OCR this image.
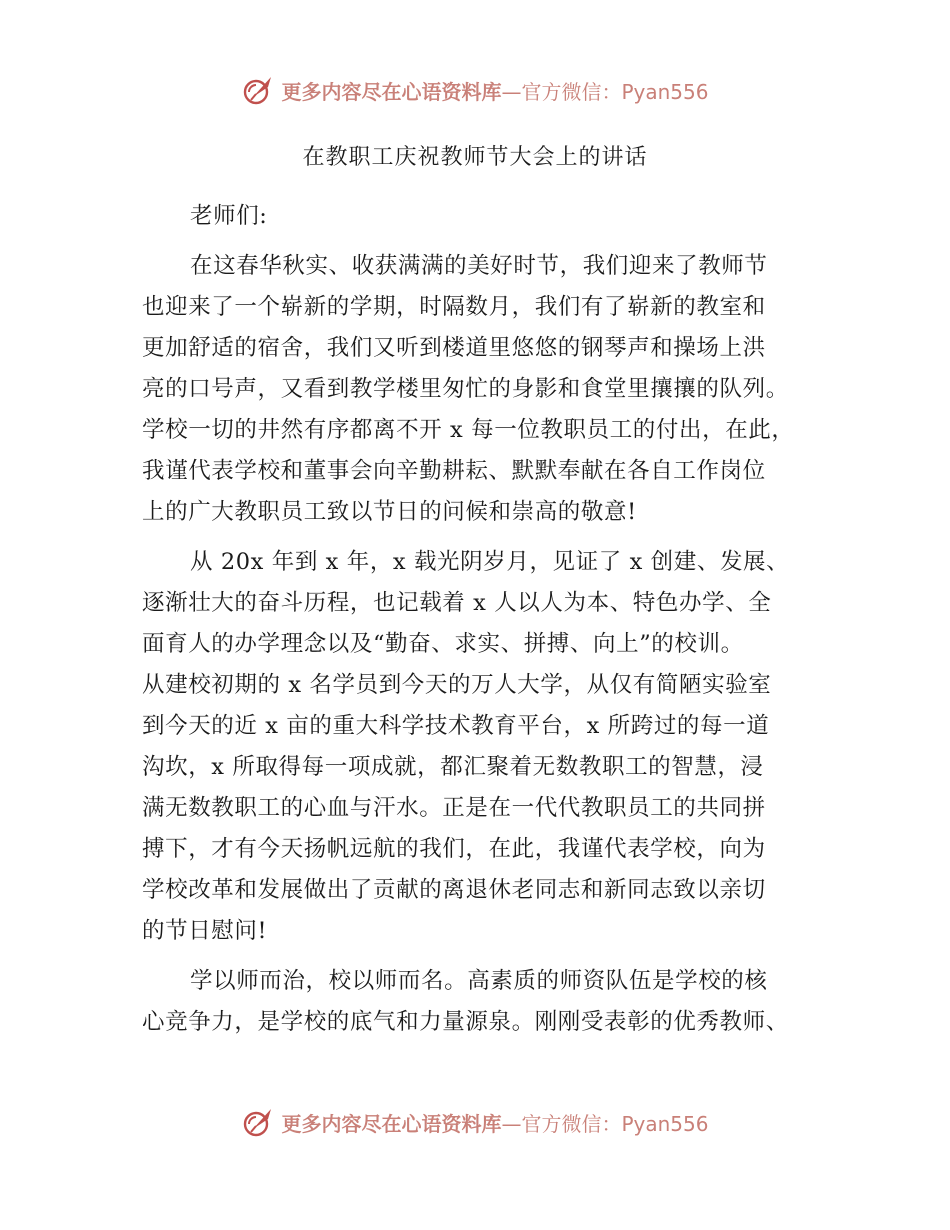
更多内容尽在心语资料库—官方微信：Pyan556
在教职工庆祝教师节大会上的讲话
老师们:
在这春华秋实、收获满满的美好时节，我们迎来了教师节
也迎来了一个崭新的学期，时隔数月，我们有了崭新的教室和
更加舒适的宿舍，我们又听到楼道里悠悠的钢琴声和操场上洪
亮的口号声，又看到教学楼里匆忙的身影和食堂里攘攘的队列。
学校一切的井然有序都离不开 x 每一位教职员工的付出，在此，
我谨代表学校和董事会向辛勤耕耘、默默奉献在各自工作岗位
上的广大教职员工致以节日的问候和崇高的敬意!
从 20x 年到 x 年，x 载光阴岁月，见证了 x 创建、发展、
逐渐壮大的奋斗历程，也记载着 x 人以人为本、特色办学、全
面育人的办学理念以及“勤奋、求实、拼搏、向上”的校训。
从建校初期的 x 名学员到今天的万人大学，从仅有简陋实验室
到今天的近 x 亩的重大科学技术教育平台，x 所跨过的每一道
沟坎，x 所取得每一项成就，都汇聚着无数教职工的智慧，浸
满无数教职工的心血与汗水。正是在一代代教职员工的共同拼
搏下，才有今天扬帆远航的我们，在此，我谨代表学校，向为
学校改革和发展做出了贡献的离退休老同志和新同志致以亲切
的节日慰问!
学以师而治，校以师而名。高素质的师资队伍是学校的核
心竞争力，是学校的底气和力量源泉。刚刚受表彰的优秀教师、
更多内容尽在心语资料库—官方微信：Pyan556
